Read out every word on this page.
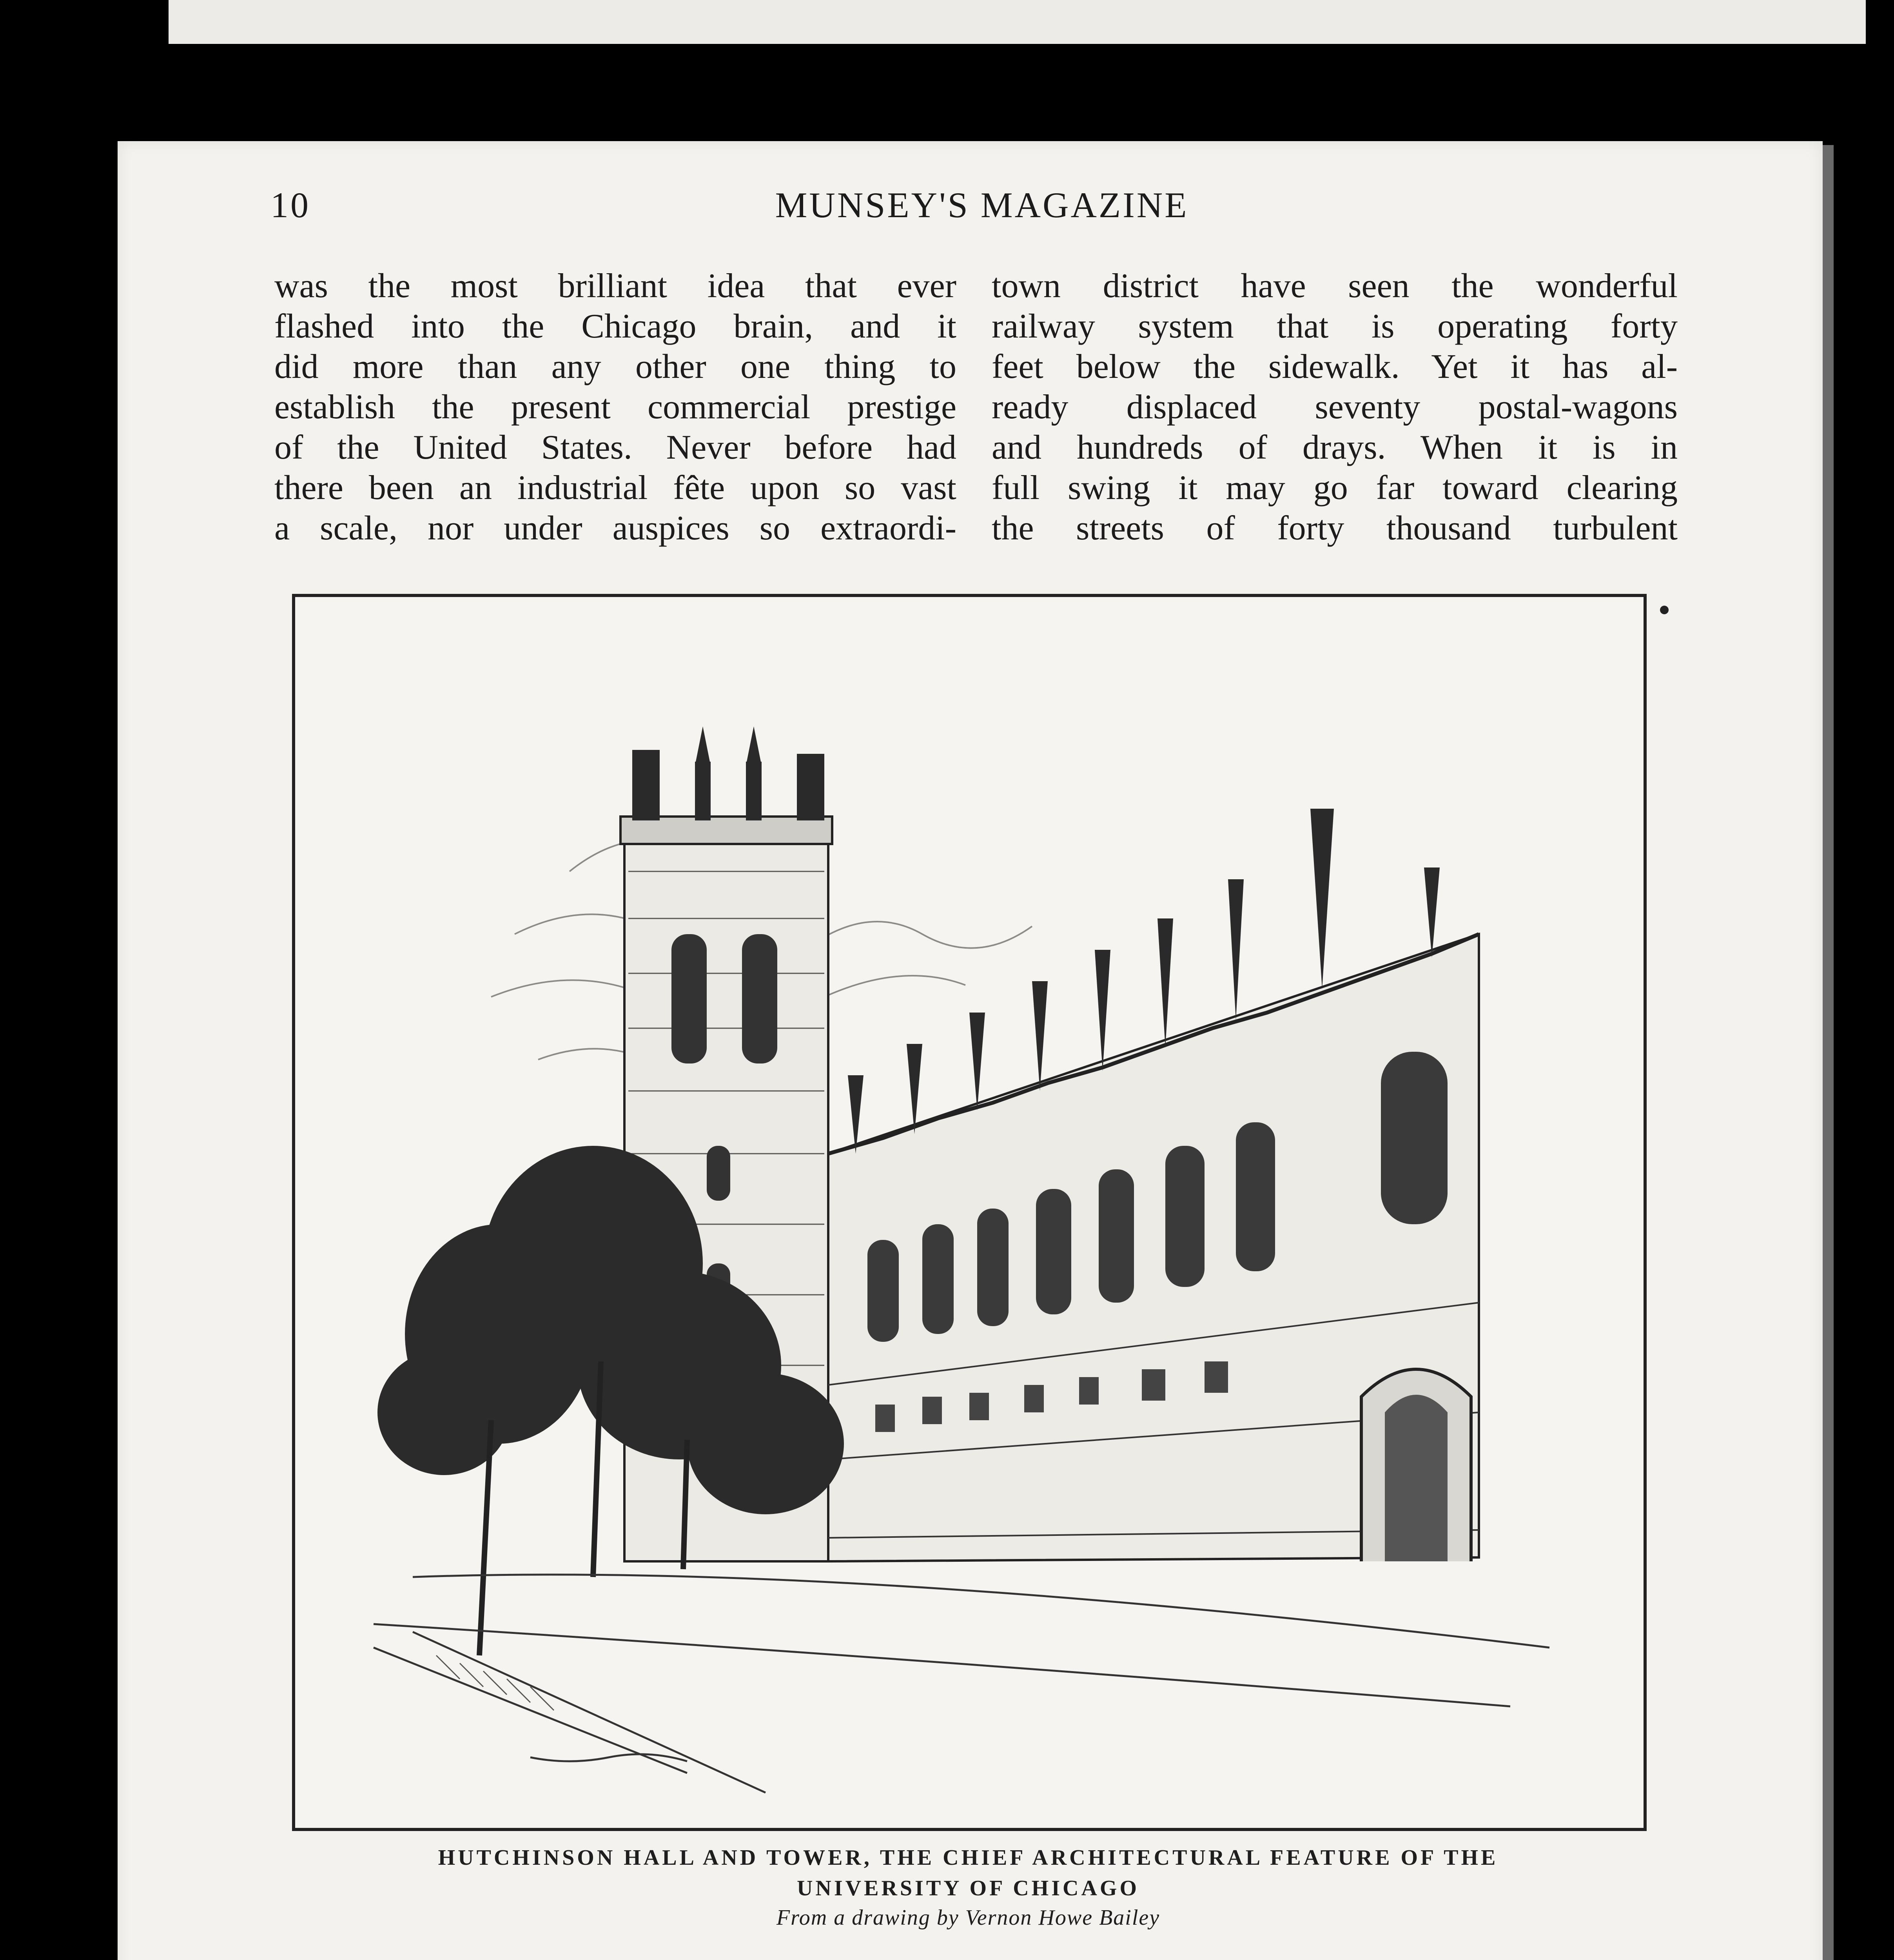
10	MUNSEY'S MAGAZINE
was the most brilliant idea that ever
flashed into the Chicago brain, and it
did more than any other one thing to
establish the present commercial prestige
of the United States. Never before had
there been an industrial fête upon so vast
a scale, nor under auspices so extraordi-
town district have seen the wonderful
railway system that is operating forty
feet below the sidewalk. Yet it has al-
ready displaced seventy postal-wagons
and hundreds of drays. When it is in
full swing it may go far toward clearing
the streets of forty thousand turbulent
HUTCHINSON HALL AND TOWER, THE CHIEF ARCHITECTURAL FEATURE OF THE
UNIVERSITY OF CHICAGO
From a drawing by Vernon Howe Bailey
